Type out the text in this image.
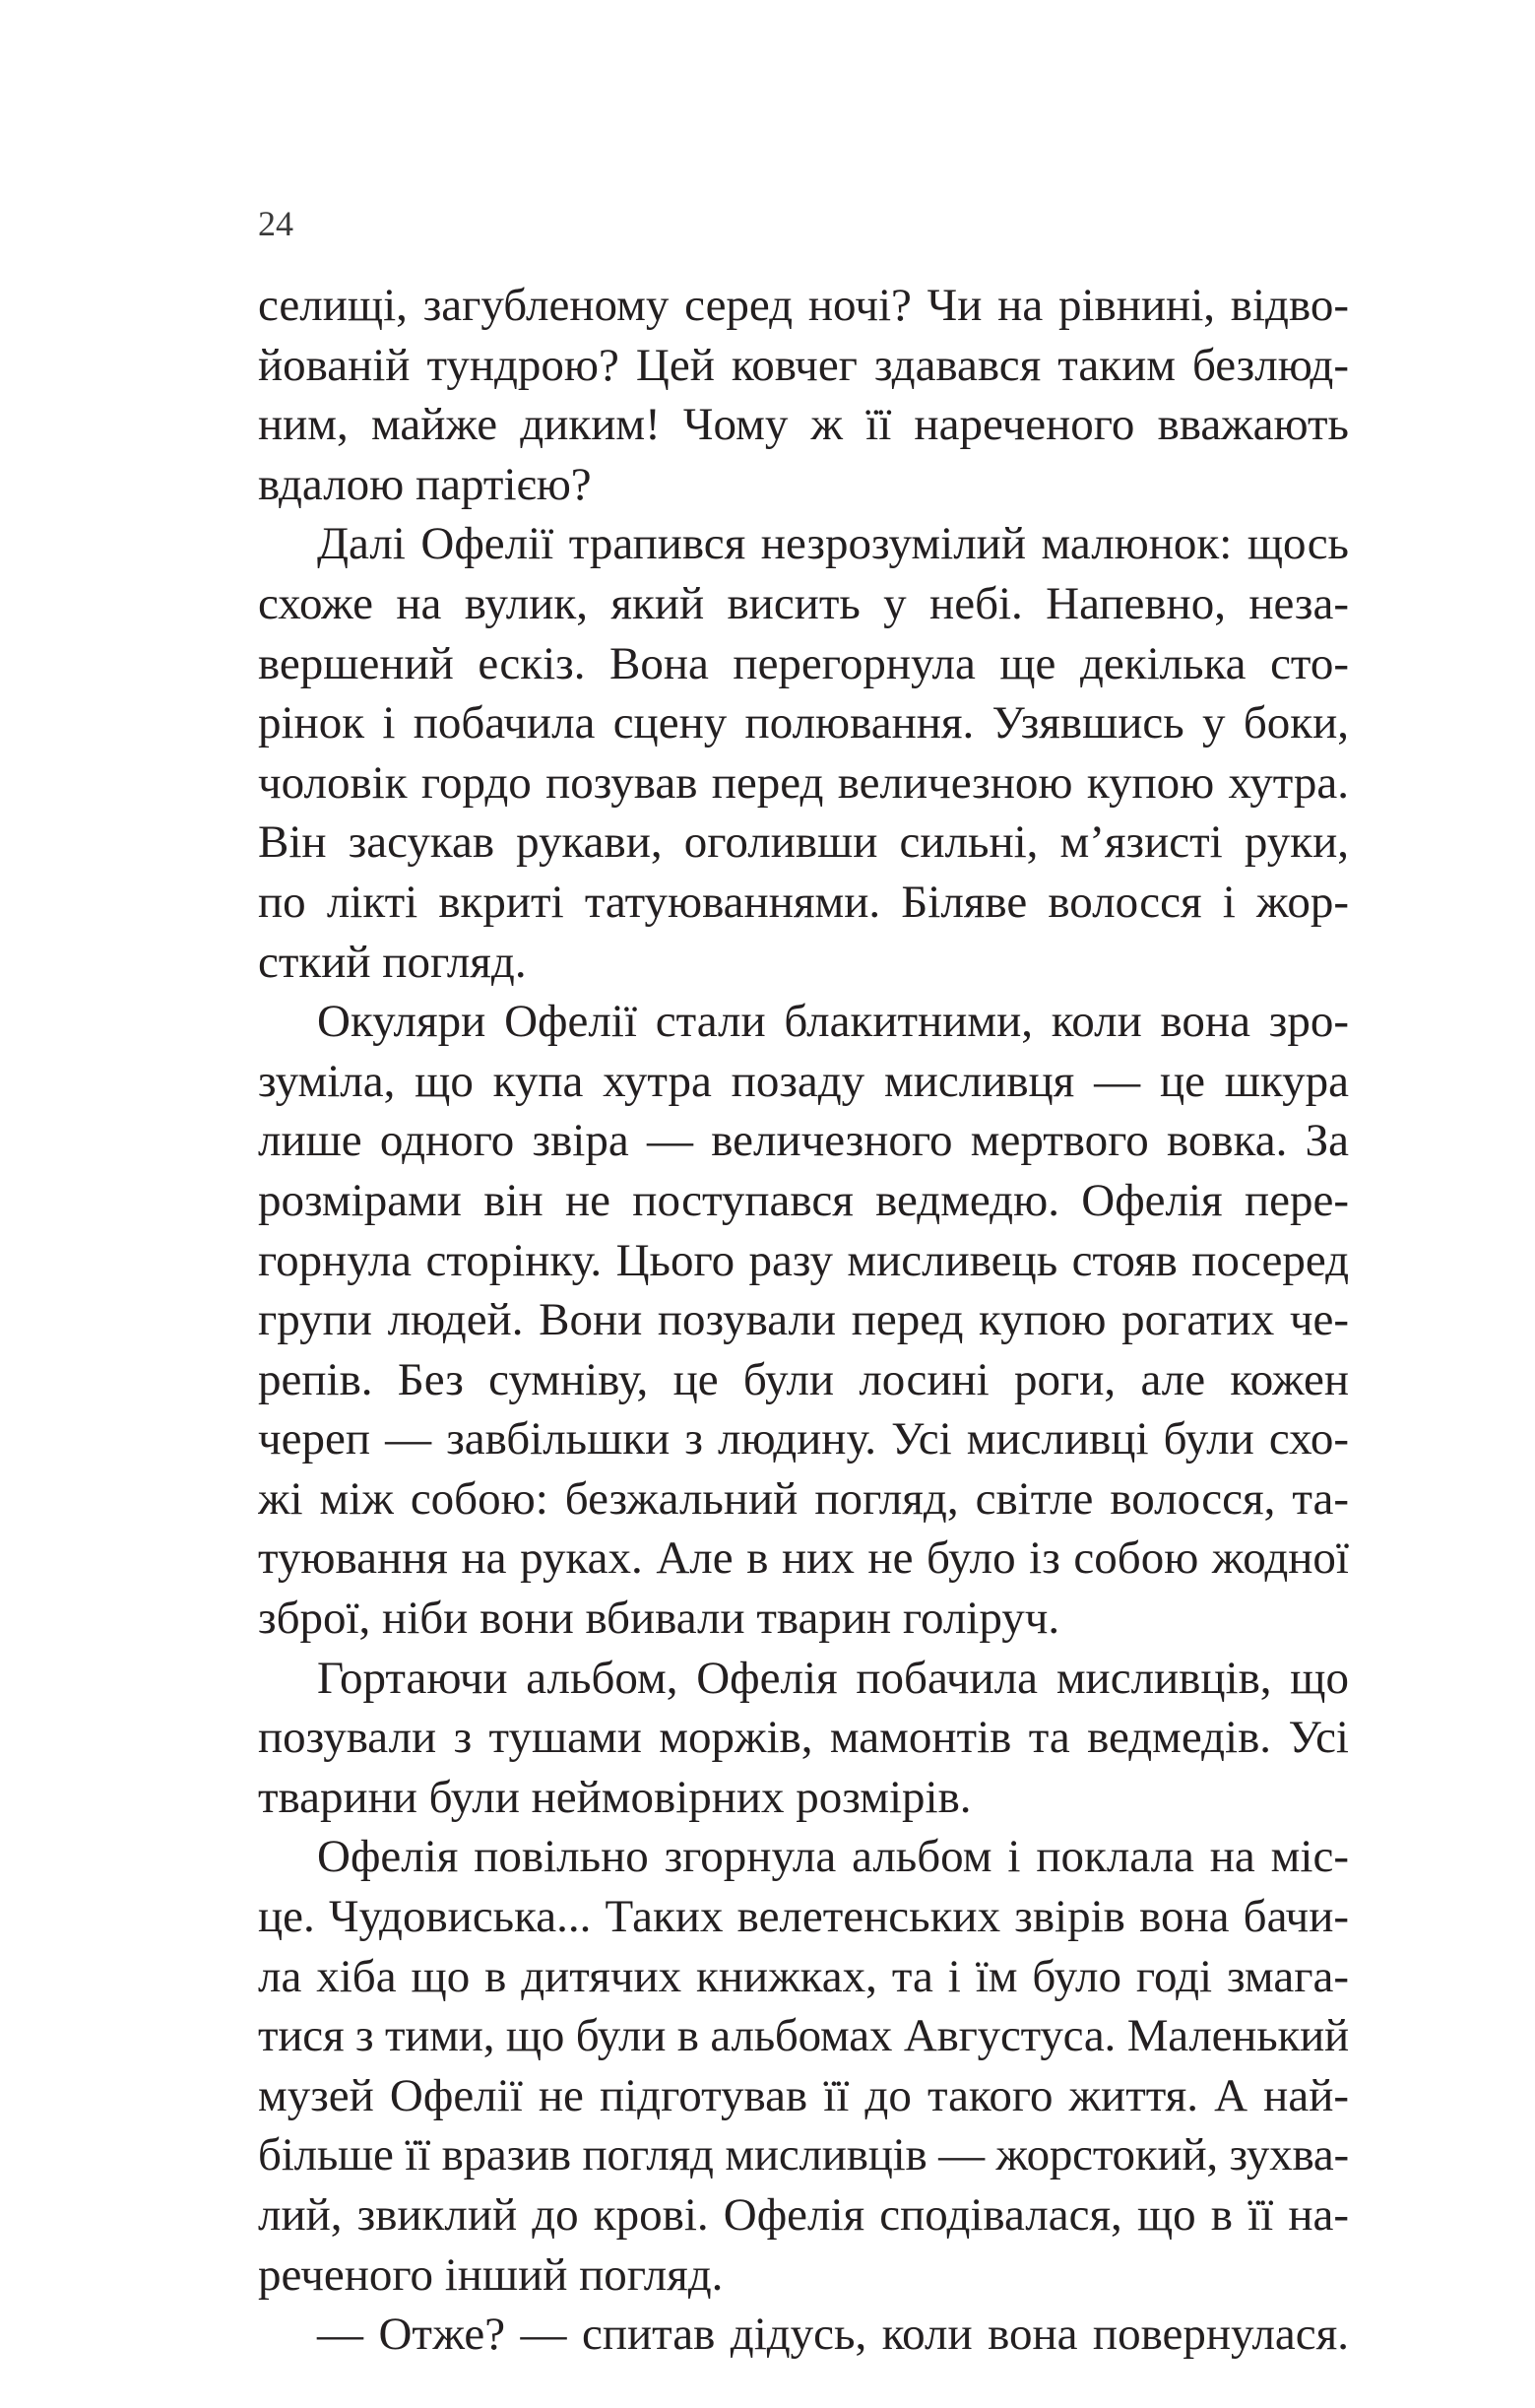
24
селищі, загубленому серед ночі? Чи на рівнині, відво-
йованій тундрою? Цей ковчег здавався таким безлюд-
ним, майже диким! Чому ж її нареченого вважають
вдалою партією?
Далі Офелії трапився незрозумілий малюнок: щось
схоже на вулик, який висить у небі. Напевно, неза-
вершений ескіз. Вона перегорнула ще декілька сто-
рінок і побачила сцену полювання. Узявшись у боки,
чоловік гордо позував перед величезною купою хутра.
Він засукав рукави, оголивши сильні, м’язисті руки,
по лікті вкриті татуюваннями. Біляве волосся і жор-
сткий погляд.
Окуляри Офелії стали блакитними, коли вона зро-
зуміла, що купа хутра позаду мисливця — це шкура
лише одного звіра — величезного мертвого вовка. За
розмірами він не поступався ведмедю. Офелія пере-
горнула сторінку. Цього разу мисливець стояв посеред
групи людей. Вони позували перед купою рогатих че-
репів. Без сумніву, це були лосині роги, але кожен
череп — завбільшки з людину. Усі мисливці були схо-
жі між собою: безжальний погляд, світле волосся, та-
туювання на руках. Але в них не було із собою жодної
зброї, ніби вони вбивали тварин голіруч.
Гортаючи альбом, Офелія побачила мисливців, що
позували з тушами моржів, мамонтів та ведмедів. Усі
тварини були неймовірних розмірів.
Офелія повільно згорнула альбом і поклала на міс-
це. Чудовиська... Таких велетенських звірів вона бачи-
ла хіба що в дитячих книжках, та і їм було годі змага-
тися з тими, що були в альбомах Августуса. Маленький
музей Офелії не підготував її до такого життя. А най-
більше її вразив погляд мисливців — жорстокий, зухва-
лий, звиклий до крові. Офелія сподівалася, що в її на-
реченого інший погляд.
— Отже? — спитав дідусь, коли вона повернулася.
